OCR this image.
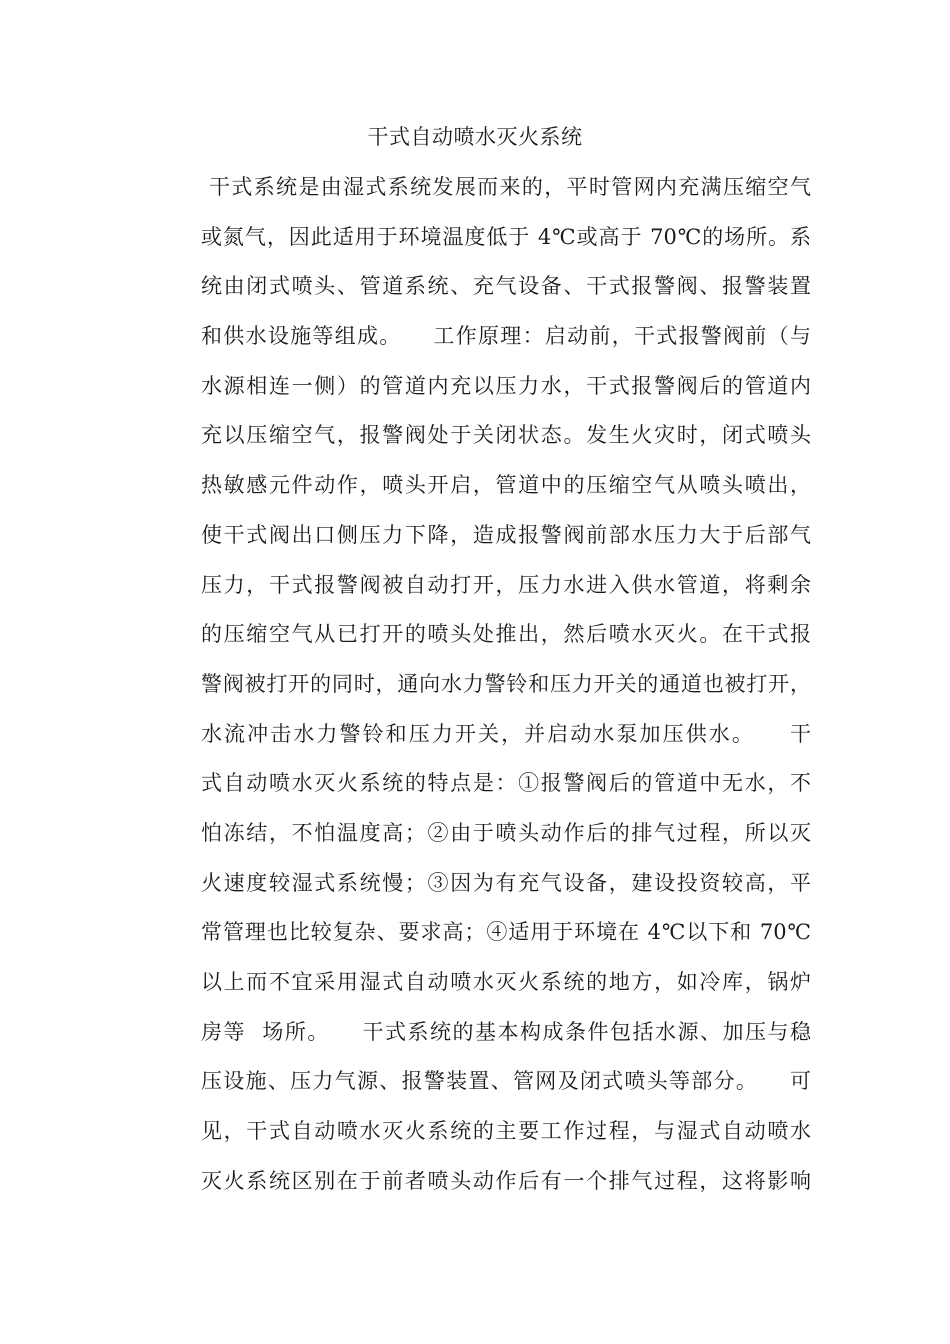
干式自动喷水灭火系统
干式系统是由湿式系统发展而来的，平时管网内充满压缩空气
或氮气，因此适用于环境温度低于 4℃或高于 70℃的场所。系
统由闭式喷头、管道系统、充气设备、干式报警阀、报警装置
和供水设施等组成。    工作原理：启动前，干式报警阀前（与
水源相连一侧）的管道内充以压力水，干式报警阀后的管道内
充以压缩空气，报警阀处于关闭状态。发生火灾时，闭式喷头
热敏感元件动作，喷头开启，管道中的压缩空气从喷头喷出，
使干式阀出口侧压力下降，造成报警阀前部水压力大于后部气
压力，干式报警阀被自动打开，压力水进入供水管道，将剩余
的压缩空气从已打开的喷头处推出，然后喷水灭火。在干式报
警阀被打开的同时，通向水力警铃和压力开关的通道也被打开，
水流冲击水力警铃和压力开关，并启动水泵加压供水。    干
式自动喷水灭火系统的特点是：①报警阀后的管道中无水，不
怕冻结，不怕温度高；②由于喷头动作后的排气过程，所以灭
火速度较湿式系统慢；③因为有充气设备，建设投资较高，平
常管理也比较复杂、要求高；④适用于环境在 4℃以下和 70℃
以上而不宜采用湿式自动喷水灭火系统的地方，如冷库，锅炉
房等  场所。    干式系统的基本构成条件包括水源、加压与稳
压设施、压力气源、报警装置、管网及闭式喷头等部分。    可
见，干式自动喷水灭火系统的主要工作过程，与湿式自动喷水
灭火系统区别在于前者喷头动作后有一个排气过程，这将影响
